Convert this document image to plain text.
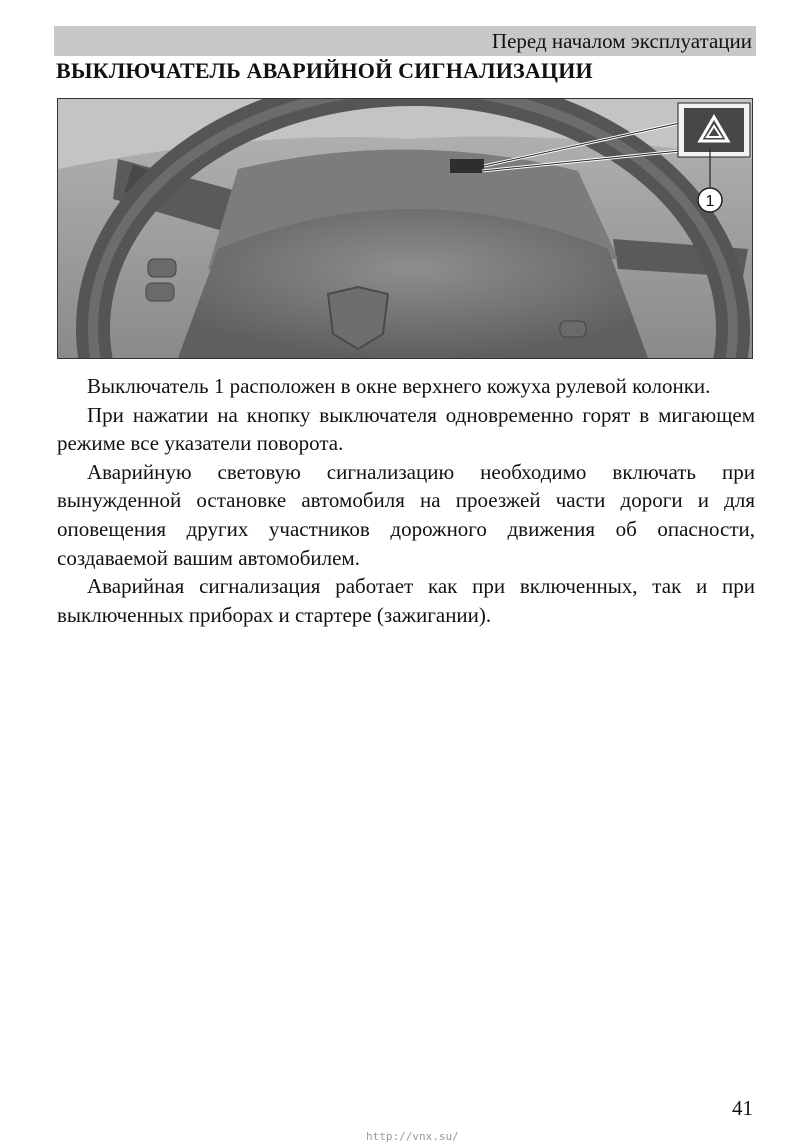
Перед началом эксплуатации
ВЫКЛЮЧАТЕЛЬ АВАРИЙНОЙ СИГНАЛИЗАЦИИ
1

Выключатель 1 расположен в окне верхнего кожуха рулевой колонки.

При нажатии на кнопку выключателя одновременно горят в мигающем режиме все указатели поворота.

Аварийную световую сигнализацию необходимо включать при вынужденной остановке автомобиля на проезжей части дороги и для оповещения других участников дорожного движения об опасности, создаваемой вашим автомобилем.

Аварийная сигнализация работает как при включенных, так и при выключенных приборах и стартере (зажигании).

41
http://vnx.su/
